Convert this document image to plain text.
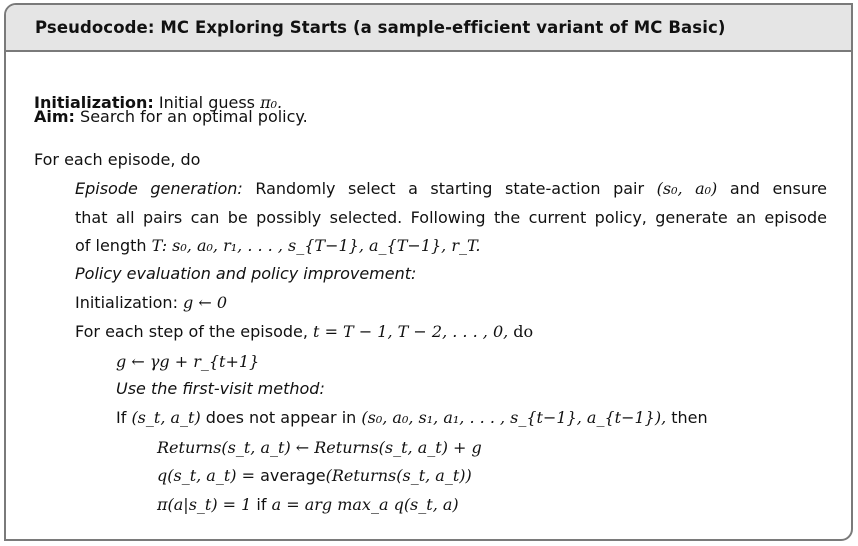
Pseudocode: MC Exploring Starts (a sample-efficient variant of MC Basic)
Initialization: Initial guess π₀.
Aim: Search for an optimal policy.
For each episode, do
Episode generation: Randomly select a starting state-action pair (s₀, a₀) and ensure
that all pairs can be possibly selected. Following the current policy, generate an episode
of length T: s₀, a₀, r₁, . . . , s_{T−1}, a_{T−1}, r_T.
Policy evaluation and policy improvement:
Initialization: g ← 0
For each step of the episode, t = T − 1, T − 2, . . . , 0, do
g ← γg + r_{t+1}
Use the first-visit method:
If (s_t, a_t) does not appear in (s₀, a₀, s₁, a₁, . . . , s_{t−1}, a_{t−1}), then
Returns(s_t, a_t) ← Returns(s_t, a_t) + g
q(s_t, a_t) = average(Returns(s_t, a_t))
π(a|s_t) = 1 if a = arg max_a q(s_t, a)
